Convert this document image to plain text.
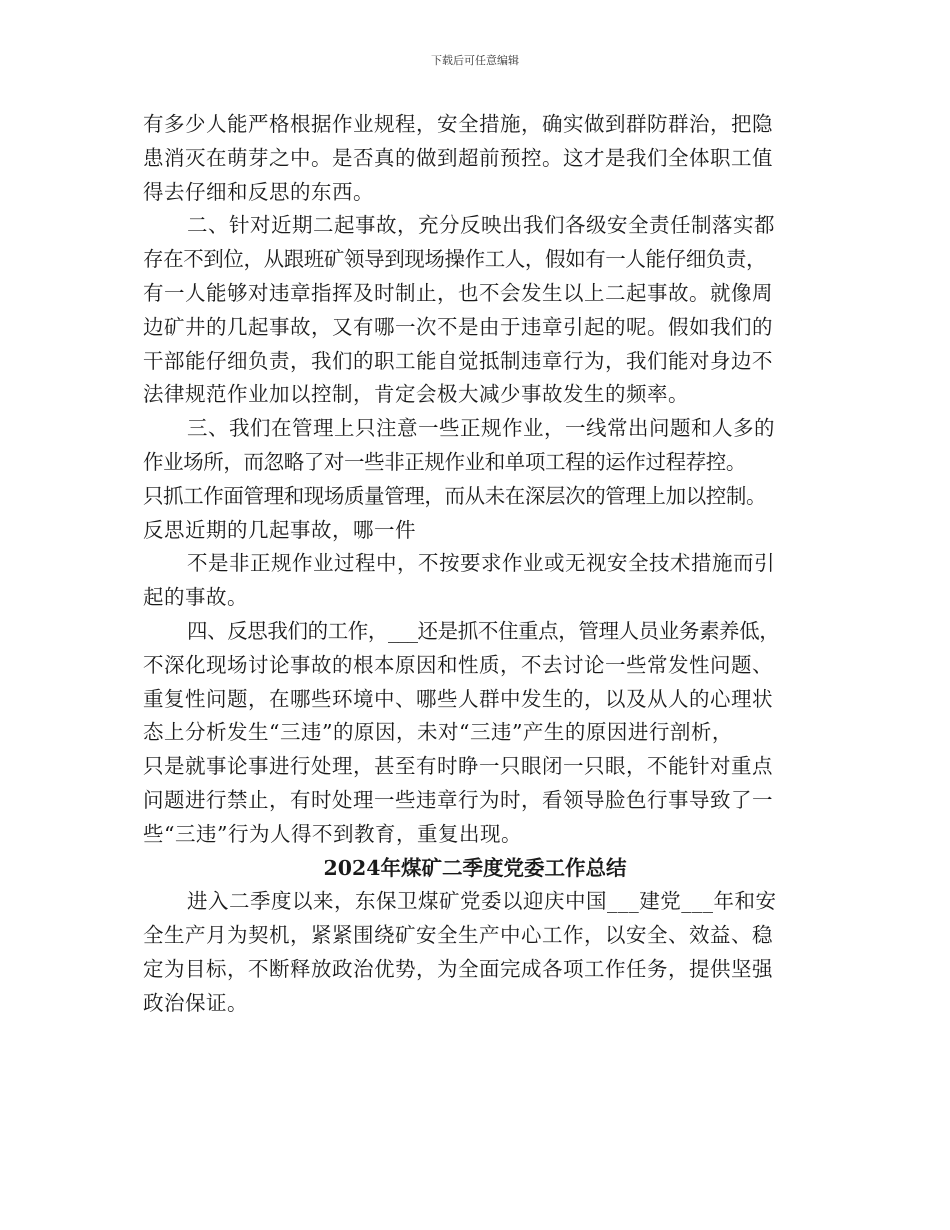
下载后可任意编辑

有多少人能严格根据作业规程，安全措施，确实做到群防群治，把隐
患消灭在萌芽之中。是否真的做到超前预控。这才是我们全体职工值
得去仔细和反思的东西。

二、针对近期二起事故，充分反映出我们各级安全责任制落实都
存在不到位，从跟班矿领导到现场操作工人，假如有一人能仔细负责，
有一人能够对违章指挥及时制止，也不会发生以上二起事故。就像周
边矿井的几起事故，又有哪一次不是由于违章引起的呢。假如我们的
干部能仔细负责，我们的职工能自觉抵制违章行为，我们能对身边不
法律规范作业加以控制，肯定会极大减少事故发生的频率。

三、我们在管理上只注意一些正规作业，一线常出问题和人多的
作业场所，而忽略了对一些非正规作业和单项工程的运作过程荐控。
只抓工作面管理和现场质量管理，而从未在深层次的管理上加以控制。
反思近期的几起事故，哪一件

不是非正规作业过程中，不按要求作业或无视安全技术措施而引
起的事故。

四、反思我们的工作，___还是抓不住重点，管理人员业务素养低，
不深化现场讨论事故的根本原因和性质，不去讨论一些常发性问题、
重复性问题，在哪些环境中、哪些人群中发生的，以及从人的心理状
态上分析发生“三违”的原因，未对“三违”产生的原因进行剖析，
只是就事论事进行处理，甚至有时睁一只眼闭一只眼，不能针对重点
问题进行禁止，有时处理一些违章行为时，看领导脸色行事导致了一
些“三违”行为人得不到教育，重复出现。

2024年煤矿二季度党委工作总结

进入二季度以来，东保卫煤矿党委以迎庆中国___建党___年和安
全生产月为契机，紧紧围绕矿安全生产中心工作，以安全、效益、稳
定为目标，不断释放政治优势，为全面完成各项工作任务，提供坚强
政治保证。
